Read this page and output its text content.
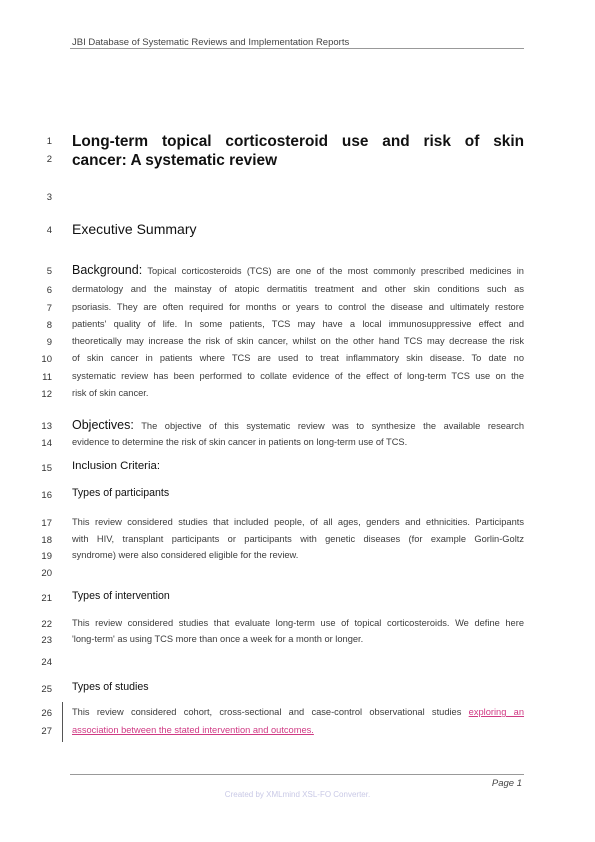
JBI Database of Systematic Reviews and Implementation Reports
1
2
3
4
5
6
7
8
9
10
11
12
13
14
15
16
17
18
19
20
21
22
23
24
25
26
27
Long-term topical corticosteroid use and risk of skin
cancer: A systematic review
Executive Summary
Background: Topical corticosteroids (TCS) are one of the most commonly prescribed medicines in
dermatology and the mainstay of atopic dermatitis treatment and other skin conditions such as
psoriasis. They are often required for months or years to control the disease and ultimately restore
patients' quality of life. In some patients, TCS may have a local immunosuppressive effect and
theoretically may increase the risk of skin cancer, whilst on the other hand TCS may decrease the risk
of skin cancer in patients where TCS are used to treat inflammatory skin disease. To date no
systematic review has been performed to collate evidence of the effect of long-term TCS use on the
risk of skin cancer.
Objectives: The objective of this systematic review was to synthesize the available research
evidence to determine the risk of skin cancer in patients on long-term use of TCS.
Inclusion Criteria:
Types of participants
This review considered studies that included people, of all ages, genders and ethnicities. Participants
with HIV, transplant participants or participants with genetic diseases (for example Gorlin-Goltz
syndrome) were also considered eligible for the review.
Types of intervention
This review considered studies that evaluate long-term use of topical corticosteroids. We define here
'long-term' as using TCS more than once a week for a month or longer.
Types of studies
This review considered cohort, cross-sectional and case-control observational studies exploring an
association between the stated intervention and outcomes.
Page 1
Created by XMLmind XSL-FO Converter.
